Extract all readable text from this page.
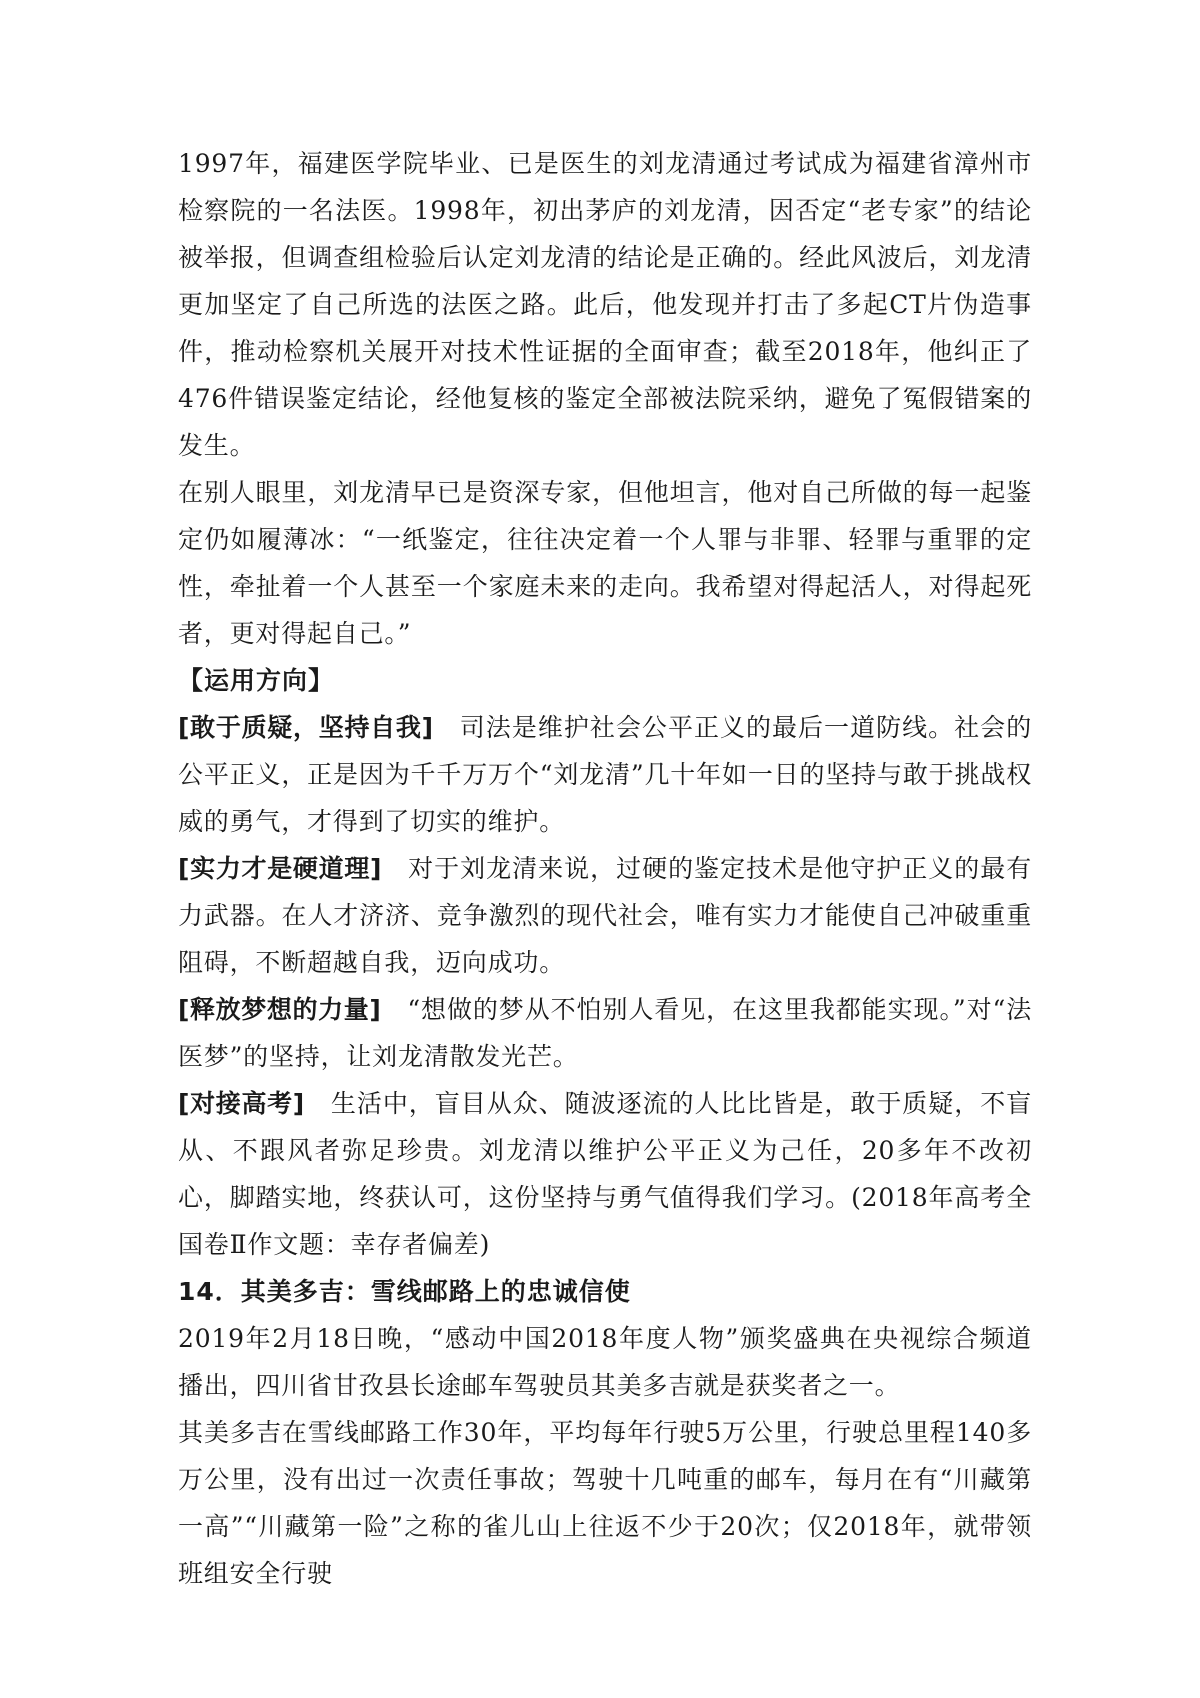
1997年，福建医学院毕业、已是医生的刘龙清通过考试成为福建省漳州市检察院的一名法医。1998年，初出茅庐的刘龙清，因否定“老专家”的结论被举报，但调查组检验后认定刘龙清的结论是正确的。经此风波后，刘龙清更加坚定了自己所选的法医之路。此后，他发现并打击了多起CT片伪造事件，推动检察机关展开对技术性证据的全面审查；截至2018年，他纠正了476件错误鉴定结论，经他复核的鉴定全部被法院采纳，避免了冤假错案的发生。

在别人眼里，刘龙清早已是资深专家，但他坦言，他对自己所做的每一起鉴定仍如履薄冰：“一纸鉴定，往往决定着一个人罪与非罪、轻罪与重罪的定性，牵扯着一个人甚至一个家庭未来的走向。我希望对得起活人，对得起死者，更对得起自己。”

【运用方向】

[敢于质疑，坚持自我] 司法是维护社会公平正义的最后一道防线。社会的公平正义，正是因为千千万万个“刘龙清”几十年如一日的坚持与敢于挑战权威的勇气，才得到了切实的维护。

[实力才是硬道理] 对于刘龙清来说，过硬的鉴定技术是他守护正义的最有力武器。在人才济济、竞争激烈的现代社会，唯有实力才能使自己冲破重重阻碍，不断超越自我，迈向成功。

[释放梦想的力量] “想做的梦从不怕别人看见，在这里我都能实现。”对“法医梦”的坚持，让刘龙清散发光芒。

[对接高考] 生活中，盲目从众、随波逐流的人比比皆是，敢于质疑，不盲从、不跟风者弥足珍贵。刘龙清以维护公平正义为己任，20多年不改初心，脚踏实地，终获认可，这份坚持与勇气值得我们学习。(2018年高考全国卷Ⅱ作文题：幸存者偏差)

14．其美多吉：雪线邮路上的忠诚信使

2019年2月18日晚，“感动中国2018年度人物”颁奖盛典在央视综合频道播出，四川省甘孜县长途邮车驾驶员其美多吉就是获奖者之一。

其美多吉在雪线邮路工作30年，平均每年行驶5万公里，行驶总里程140多万公里，没有出过一次责任事故；驾驶十几吨重的邮车，每月在有“川藏第一高”“川藏第一险”之称的雀儿山上往返不少于20次；仅2018年，就带领班组安全行驶
